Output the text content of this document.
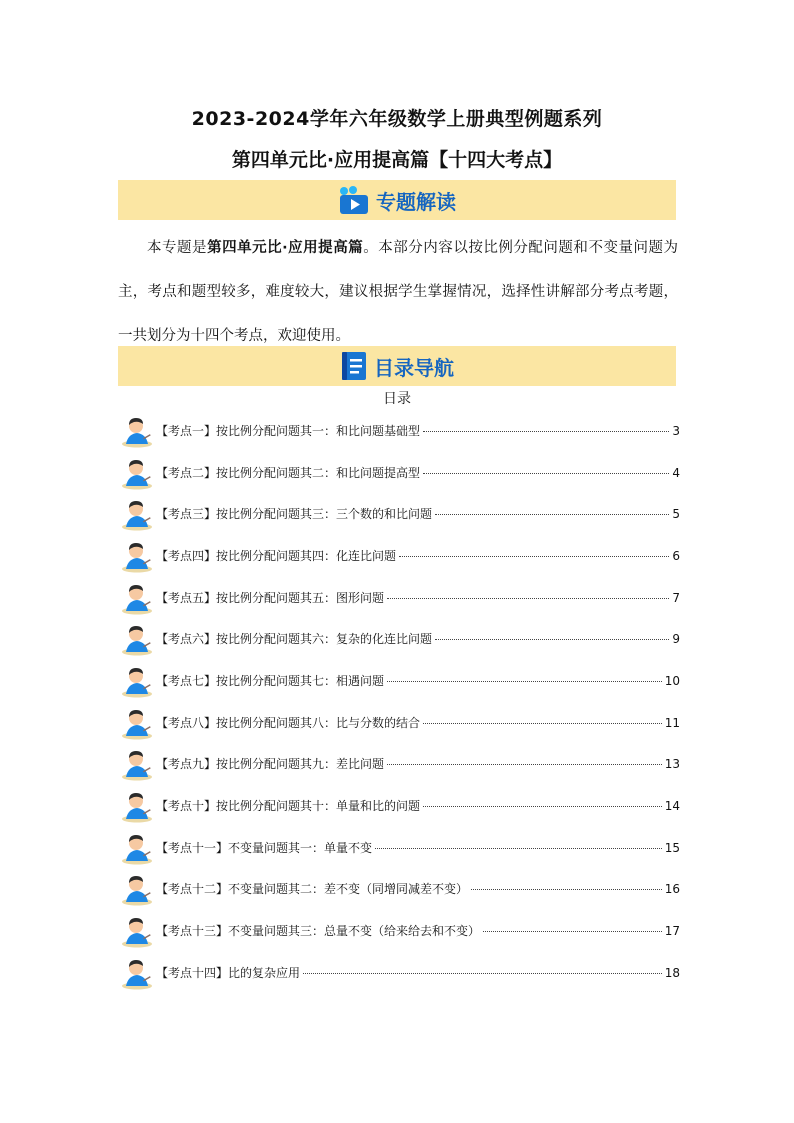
2023-2024学年六年级数学上册典型例题系列
第四单元比·应用提高篇【十四大考点】
专题解读
本专题是第四单元比·应用提高篇。本部分内容以按比例分配问题和不变量问题为主，考点和题型较多，难度较大，建议根据学生掌握情况，选择性讲解部分考点考题，一共划分为十四个考点，欢迎使用。
目录导航
日录
【考点一】按比例分配问题其一：和比问题基础型	3
【考点二】按比例分配问题其二：和比问题提高型	4
【考点三】按比例分配问题其三：三个数的和比问题	5
【考点四】按比例分配问题其四：化连比问题	6
【考点五】按比例分配问题其五：图形问题	7
【考点六】按比例分配问题其六：复杂的化连比问题	9
【考点七】按比例分配问题其七：相遇问题	10
【考点八】按比例分配问题其八：比与分数的结合	11
【考点九】按比例分配问题其九：差比问题	13
【考点十】按比例分配问题其十：单量和比的问题	14
【考点十一】不变量问题其一：单量不变	15
【考点十二】不变量问题其二：差不变（同增同减差不变）	16
【考点十三】不变量问题其三：总量不变（给来给去和不变）	17
【考点十四】比的复杂应用	18
